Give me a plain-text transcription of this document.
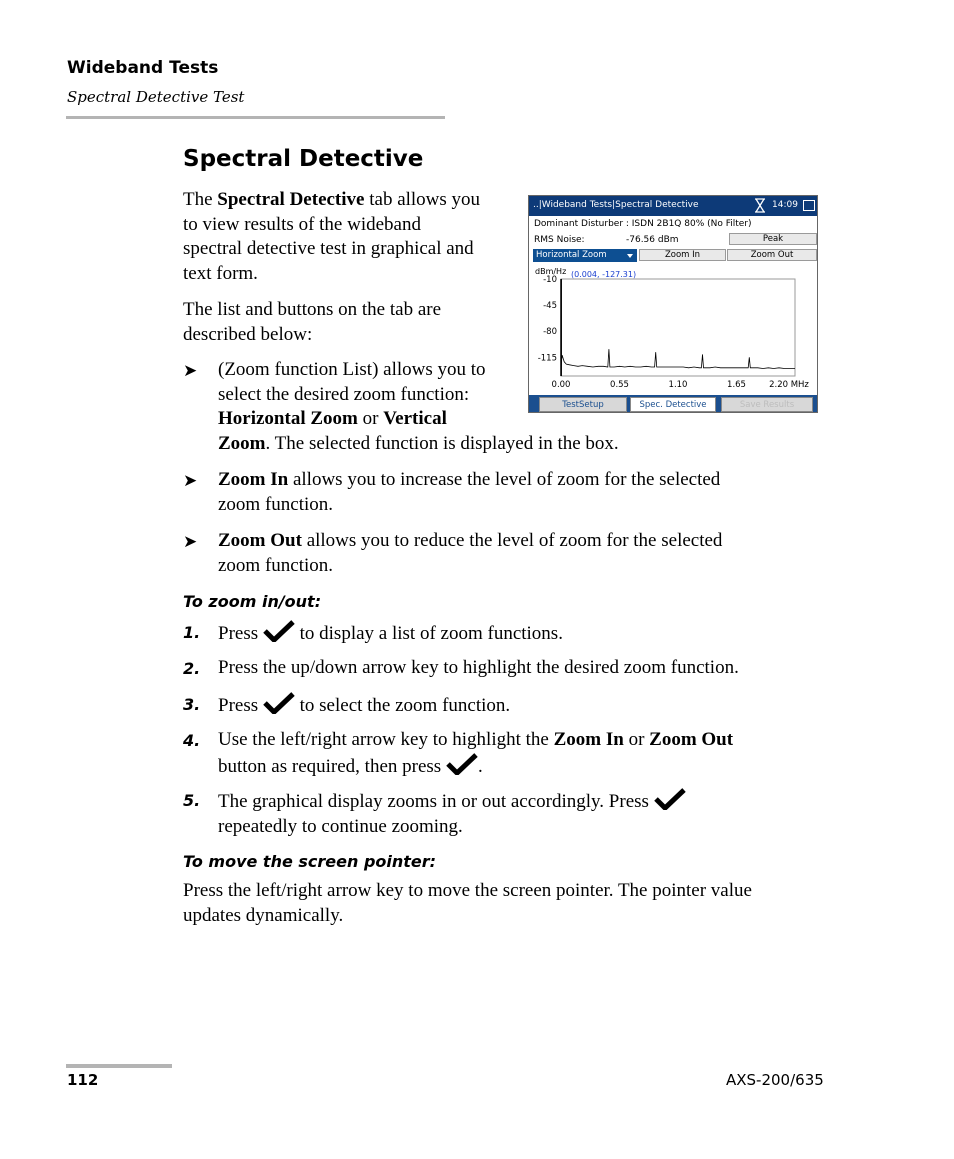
Wideband Tests
Spectral Detective Test
Spectral Detective
The Spectral Detective tab allows you
to view results of the wideband
spectral detective test in graphical and
text form.
The list and buttons on the tab are
described below:
➤ (Zoom function List) allows you to
select the desired zoom function:
Horizontal Zoom or Vertical
Zoom. The selected function is displayed in the box.
➤ Zoom In allows you to increase the level of zoom for the selected
zoom function.
➤ Zoom Out allows you to reduce the level of zoom for the selected
zoom function.
To zoom in/out:
1. Press  to display a list of zoom functions.
2. Press the up/down arrow key to highlight the desired zoom function.
3. Press  to select the zoom function.
4. Use the left/right arrow key to highlight the Zoom In or Zoom Out
button as required, then press .
5. The graphical display zooms in or out accordingly. Press
repeatedly to continue zooming.
To move the screen pointer:
Press the left/right arrow key to move the screen pointer. The pointer value
updates dynamically.
..|Wideband Tests|Spectral Detective	14:09
Dominant Disturber : ISDN 2B1Q 80% (No Filter)
RMS Noise:	-76.56 dBm	Peak
Horizontal Zoom	Zoom In	Zoom Out
dBm/Hz (0.004, -127.31)
-10
-45
-80
-115
0.00	0.55	1.10	1.65	2.20 MHz
TestSetup	Spec. Detective	Save Results
112	AXS-200/635
